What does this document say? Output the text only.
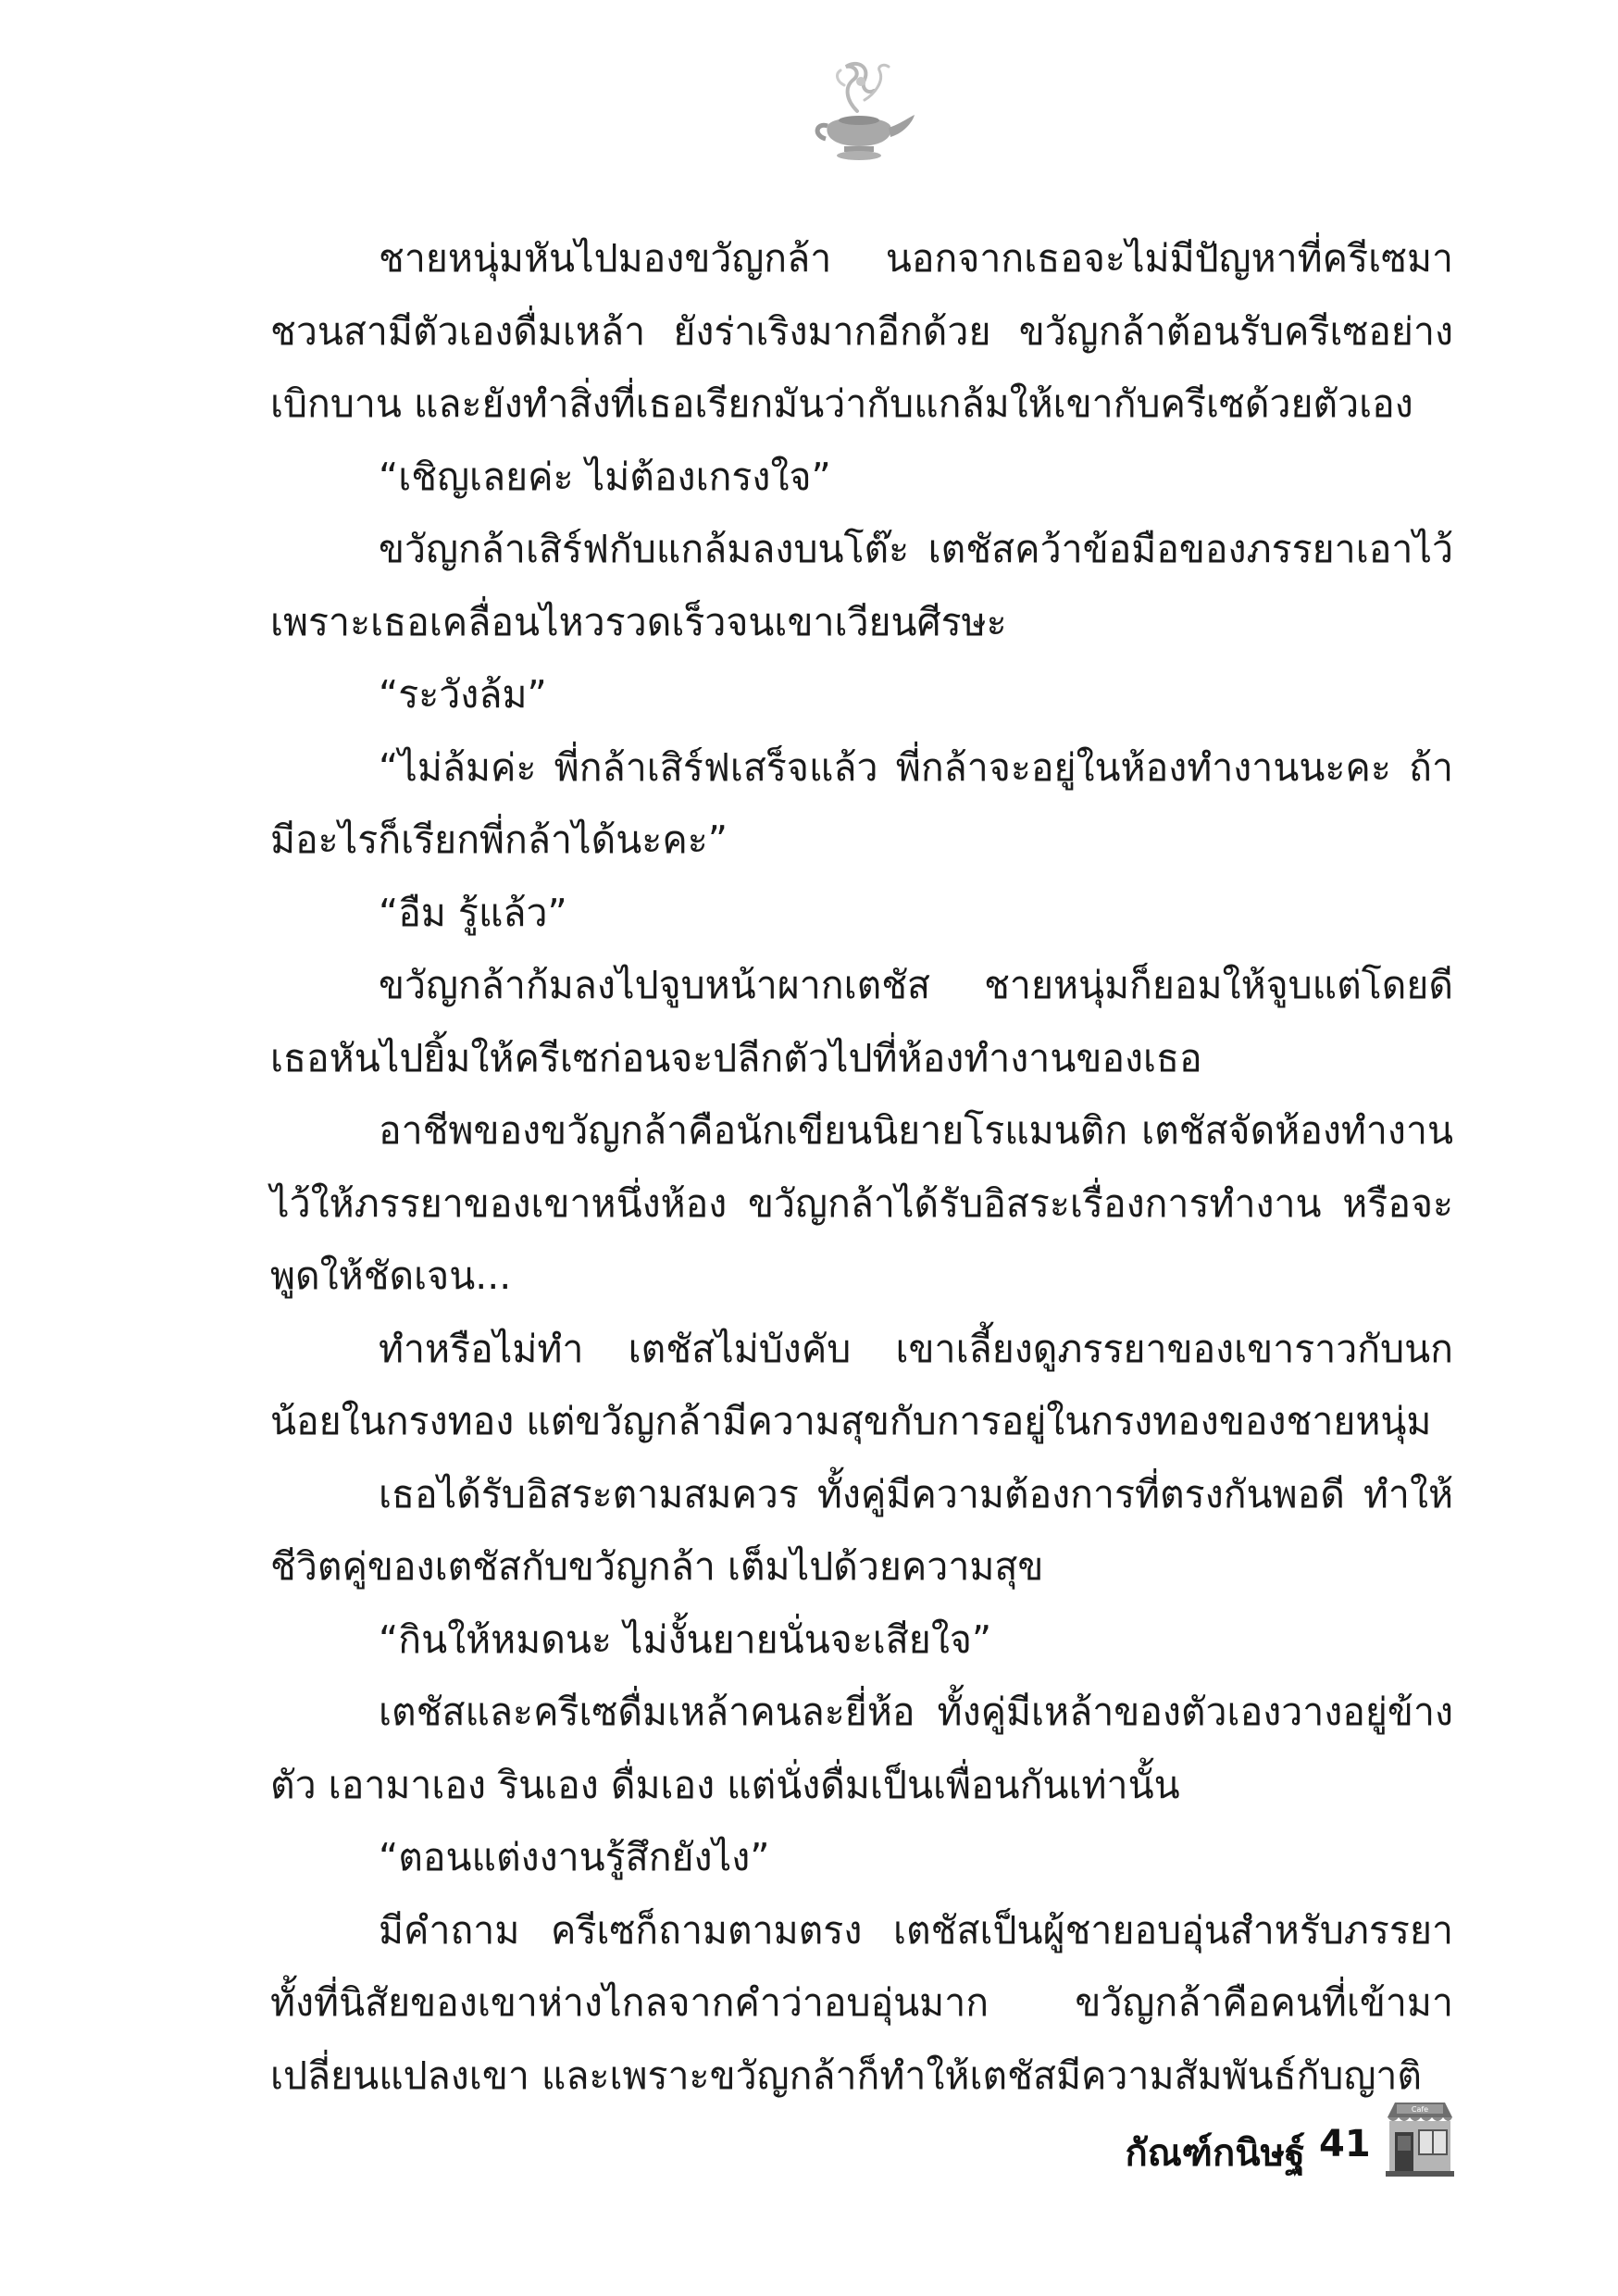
ชายหนุ่มหันไปมองขวัญกล้า นอกจากเธอจะไม่มีปัญหาที่ครีเซมาชวนสามีตัวเองดื่มเหล้า ยังร่าเริงมากอีกด้วย ขวัญกล้าต้อนรับครีเซอย่างเบิกบาน และยังทำสิ่งที่เธอเรียกมันว่ากับแกล้มให้เขากับครีเซด้วยตัวเอง

“เชิญเลยค่ะ ไม่ต้องเกรงใจ”

ขวัญกล้าเสิร์ฟกับแกล้มลงบนโต๊ะ เตชัสคว้าข้อมือของภรรยาเอาไว้ เพราะเธอเคลื่อนไหวรวดเร็วจนเขาเวียนศีรษะ

“ระวังล้ม”

“ไม่ล้มค่ะ พี่กล้าเสิร์ฟเสร็จแล้ว พี่กล้าจะอยู่ในห้องทำงานนะคะ ถ้ามีอะไรก็เรียกพี่กล้าได้นะคะ”

“อืม รู้แล้ว”

ขวัญกล้าก้มลงไปจูบหน้าผากเตชัส ชายหนุ่มก็ยอมให้จูบแต่โดยดี เธอหันไปยิ้มให้ครีเซก่อนจะปลีกตัวไปที่ห้องทำงานของเธอ

อาชีพของขวัญกล้าคือนักเขียนนิยายโรแมนติก เตชัสจัดห้องทำงานไว้ให้ภรรยาของเขาหนึ่งห้อง ขวัญกล้าได้รับอิสระเรื่องการทำงาน หรือจะพูดให้ชัดเจน...

ทำหรือไม่ทำ เตชัสไม่บังคับ เขาเลี้ยงดูภรรยาของเขาราวกับนกน้อยในกรงทอง แต่ขวัญกล้ามีความสุขกับการอยู่ในกรงทองของชายหนุ่ม

เธอได้รับอิสระตามสมควร ทั้งคู่มีความต้องการที่ตรงกันพอดี ทำให้ชีวิตคู่ของเตชัสกับขวัญกล้า เต็มไปด้วยความสุข

“กินให้หมดนะ ไม่งั้นยายนั่นจะเสียใจ”

เตชัสและครีเซดื่มเหล้าคนละยี่ห้อ ทั้งคู่มีเหล้าของตัวเองวางอยู่ข้างตัว เอามาเอง รินเอง ดื่มเอง แต่นั่งดื่มเป็นเพื่อนกันเท่านั้น

“ตอนแต่งงานรู้สึกยังไง”

มีคำถาม ครีเซก็ถามตามตรง เตชัสเป็นผู้ชายอบอุ่นสำหรับภรรยา ทั้งที่นิสัยของเขาห่างไกลจากคำว่าอบอุ่นมาก ขวัญกล้าคือคนที่เข้ามาเปลี่ยนแปลงเขา และเพราะขวัญกล้าก็ทำให้เตชัสมีความสัมพันธ์กับญาติ

กัณฑ์กนิษฐ์ 41
Cafe
